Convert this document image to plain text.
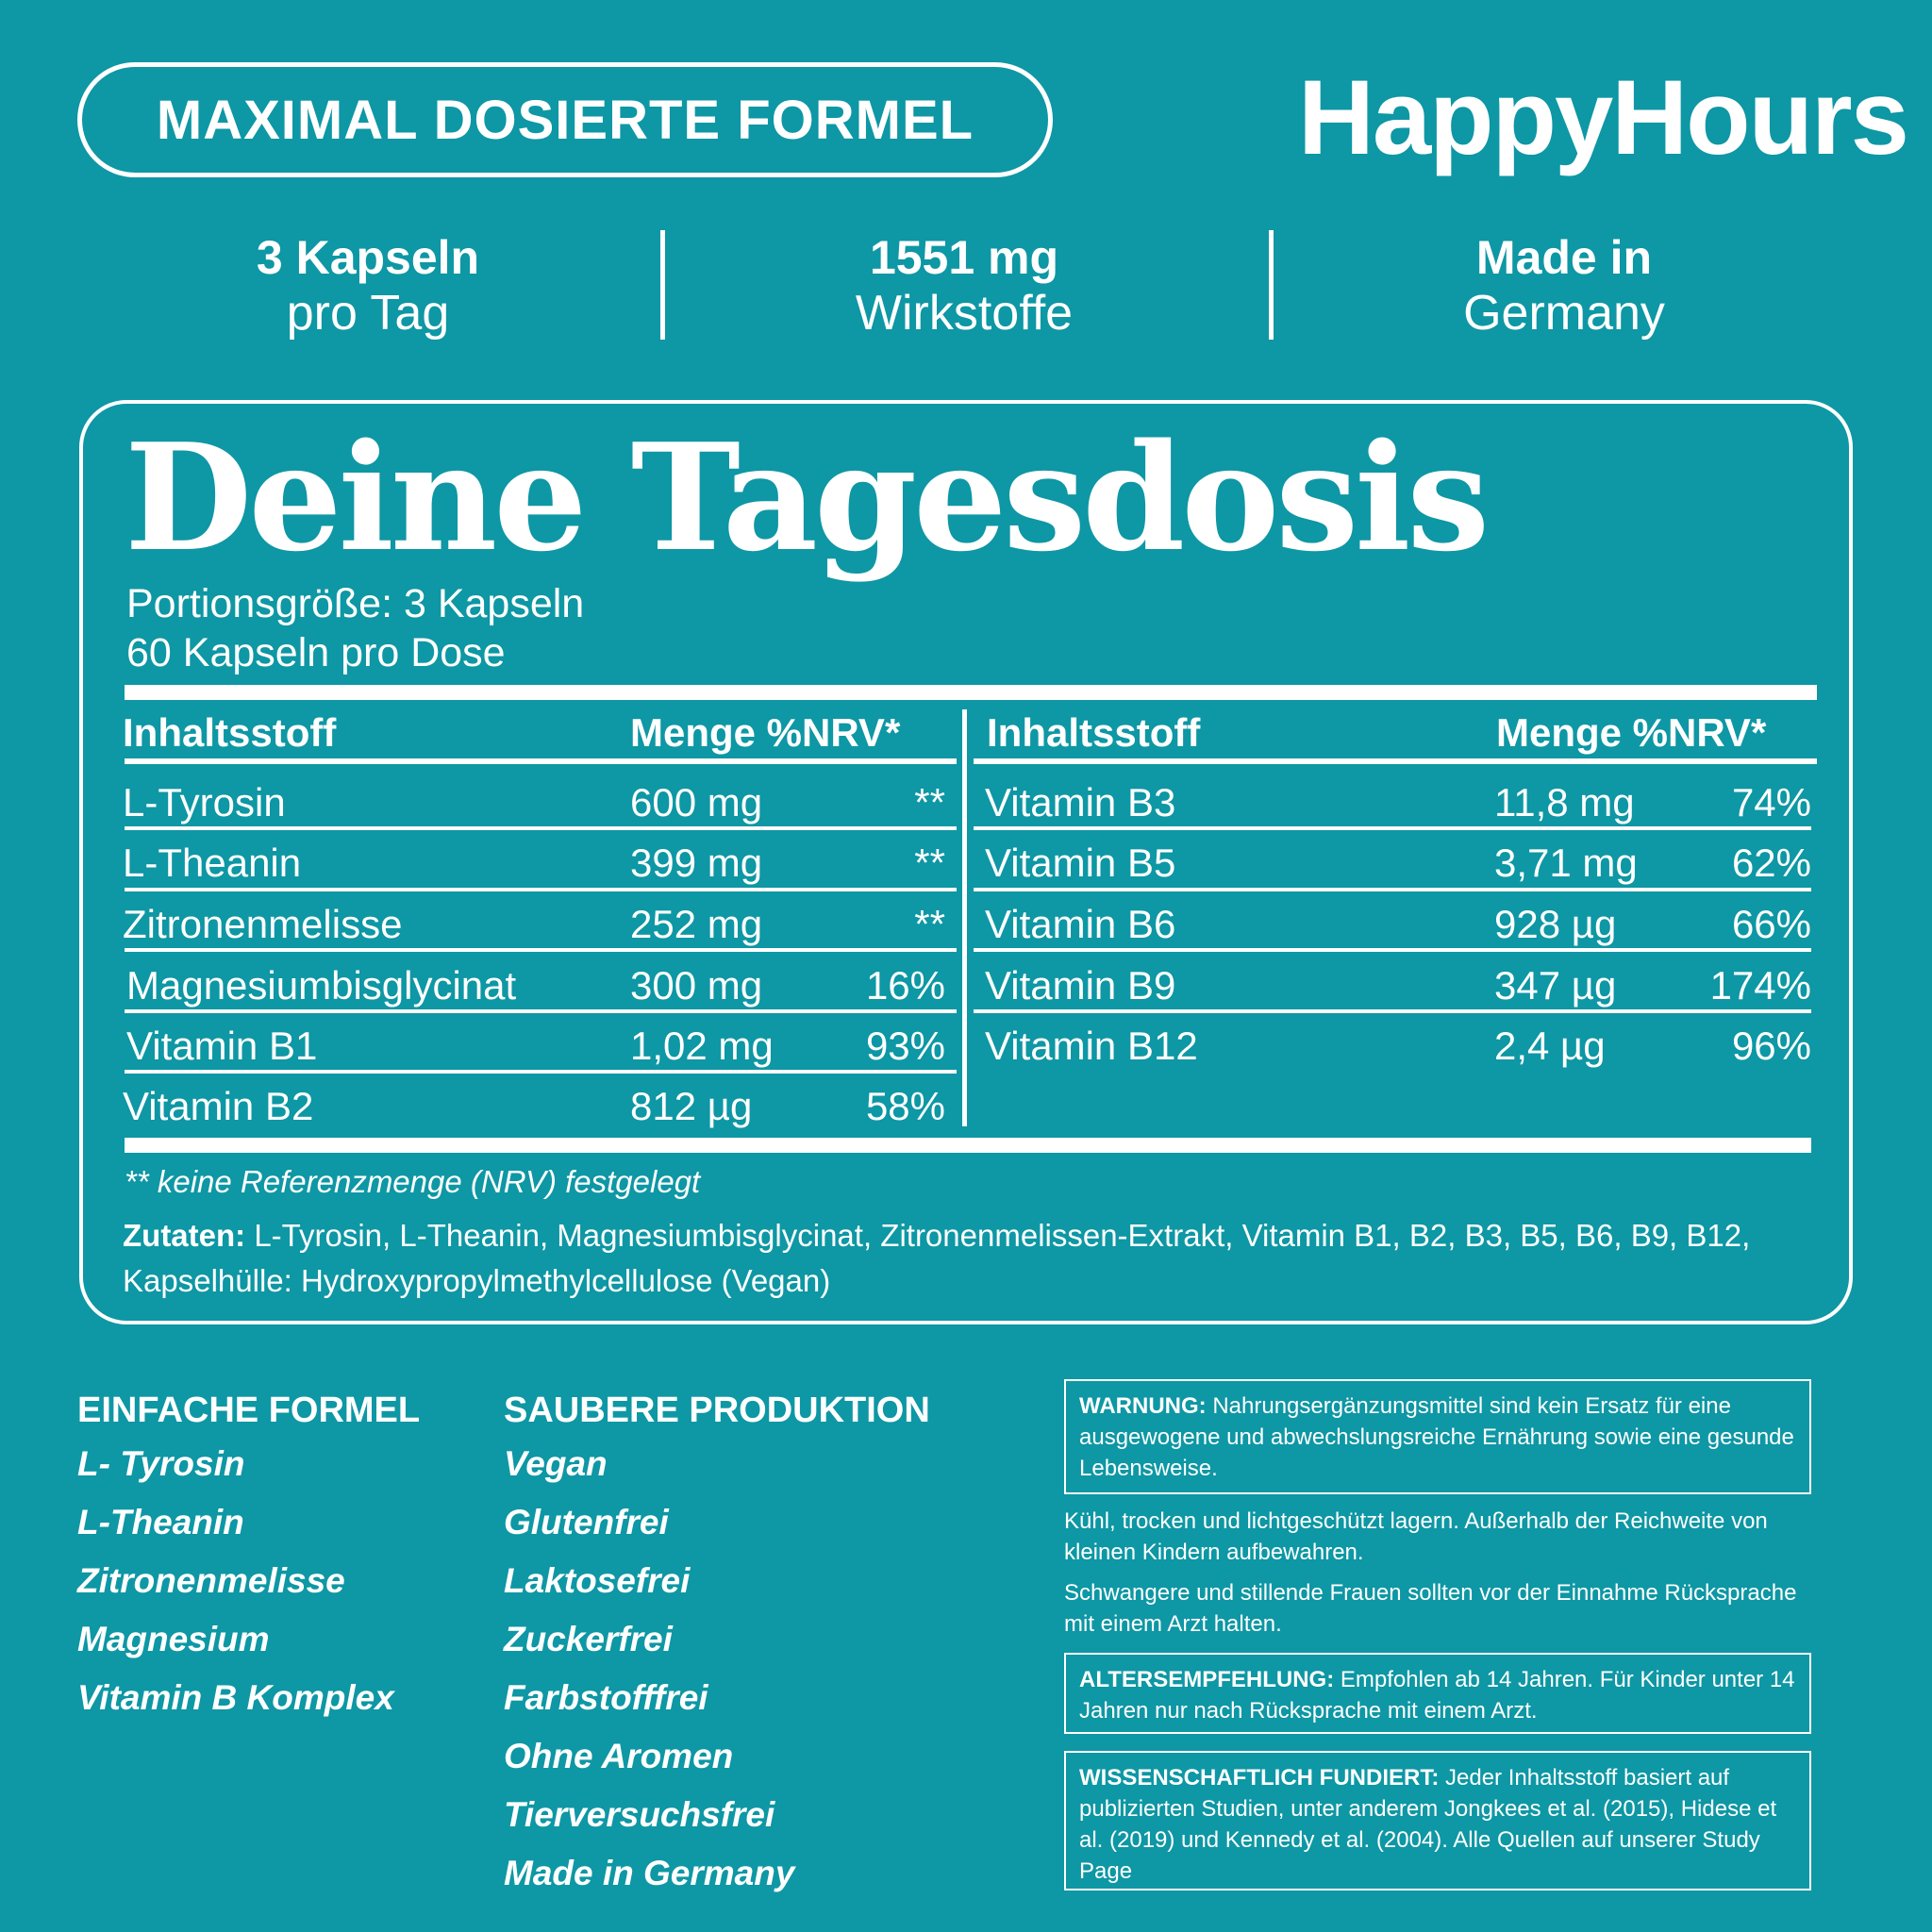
MAXIMAL DOSIERTE FORMEL	HappyHours
3 Kapseln
pro Tag
1551 mg
Wirkstoffe
Made in
Germany
Deine Tagesdosis
Portionsgröße: 3 Kapseln
60 Kapseln pro Dose
Inhaltsstoff	Menge %NRV* Inhaltsstoff	Menge %NRV*
L-Tyrosin	600 mg	**
L-Theanin	399 mg	**
Zitronenmelisse	252 mg	**
Magnesiumbisglycinat	300 mg	16%
Vitamin B1	1,02 mg	93%
Vitamin B2	812 µg	58%
Vitamin B3	11,8 mg	74%
Vitamin B5	3,71 mg	62%
Vitamin B6	928 µg	66%
Vitamin B9	347 µg	174%
Vitamin B12	2,4 µg	96%
** keine Referenzmenge (NRV) festgelegt
Zutaten: L-Tyrosin, L-Theanin, Magnesiumbisglycinat, Zitronenmelissen-Extrakt, Vitamin B1, B2, B3, B5, B6, B9, B12, Kapselhülle: Hydroxypropylmethylcellulose (Vegan)
EINFACHE FORMEL
L- Tyrosin
L-Theanin
Zitronenmelisse
Magnesium
Vitamin B Komplex
SAUBERE PRODUKTION
Vegan
Glutenfrei
Laktosefrei
Zuckerfrei
Farbstofffrei
Ohne Aromen
Tierversuchsfrei
Made in Germany
WARNUNG: Nahrungsergänzungsmittel sind kein Ersatz für eine ausgewogene und abwechslungsreiche Ernährung sowie eine gesunde Lebensweise.
Kühl, trocken und lichtgeschützt lagern. Außerhalb der Reichweite von kleinen Kindern aufbewahren.
Schwangere und stillende Frauen sollten vor der Einnahme Rücksprache mit einem Arzt halten.
ALTERSEMPFEHLUNG: Empfohlen ab 14 Jahren. Für Kinder unter 14 Jahren nur nach Rücksprache mit einem Arzt.
WISSENSCHAFTLICH FUNDIERT: Jeder Inhaltsstoff basiert auf publizierten Studien, unter anderem Jongkees et al. (2015), Hidese et al. (2019) und Kennedy et al. (2004). Alle Quellen auf unserer Study Page
